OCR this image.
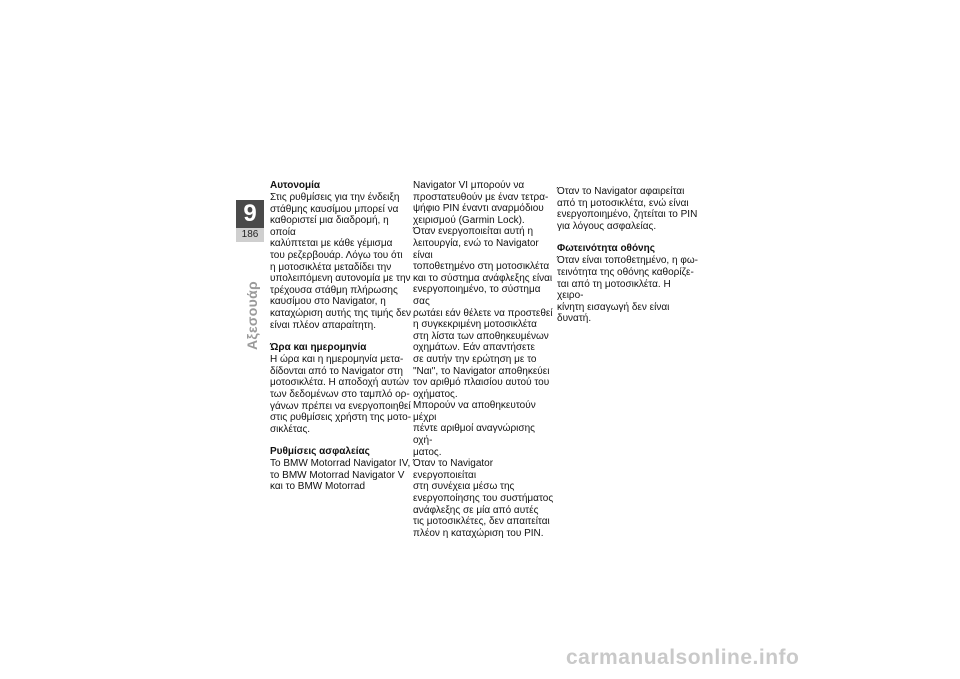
9
186
Αξεσουάρ
Αυτονομία

Στις ρυθμίσεις για την ένδειξη
στάθμης καυσίμου μπορεί να
καθοριστεί μια διαδρομή, η οποία
καλύπτεται με κάθε γέμισμα
του ρεζερβουάρ. Λόγω του ότι
η μοτοσικλέτα μεταδίδει την
υπολειπόμενη αυτονομία με την
τρέχουσα στάθμη πλήρωσης
καυσίμου στο Navigator, η
καταχώριση αυτής της τιμής δεν
είναι πλέον απαραίτητη.

Ώρα και ημερομηνία

Η ώρα και η ημερομηνία μετα-
δίδονται από το Navigator στη
μοτοσικλέτα. Η αποδοχή αυτών
των δεδομένων στο ταμπλό ορ-
γάνων πρέπει να ενεργοποιηθεί
στις ρυθμίσεις χρήστη της μοτο-
σικλέτας.

Ρυθμίσεις ασφαλείας

Το BMW Motorrad Navigator IV,
το BMW Motorrad Navigator V
και το BMW Motorrad

Navigator VI μπορούν να
προστατευθούν με έναν τετρα-
ψήφιο PIN έναντι αναρμόδιου
χειρισμού (Garmin Lock).
Όταν ενεργοποιείται αυτή η
λειτουργία, ενώ το Navigator είναι
τοποθετημένο στη μοτοσικλέτα
και το σύστημα ανάφλεξης είναι
ενεργοποιημένο, το σύστημα σας
ρωτάει εάν θέλετε να προστεθεί
η συγκεκριμένη μοτοσικλέτα
στη λίστα των αποθηκευμένων
οχημάτων. Εάν απαντήσετε
σε αυτήν την ερώτηση με το
"Ναι", το Navigator αποθηκεύει
τον αριθμό πλαισίου αυτού του
οχήματος.
Μπορούν να αποθηκευτούν μέχρι
πέντε αριθμοί αναγνώρισης οχή-
ματος.
Όταν το Navigator ενεργοποιείται
στη συνέχεια μέσω της
ενεργοποίησης του συστήματος
ανάφλεξης σε μία από αυτές
τις μοτοσικλέτες, δεν απαιτείται
πλέον η καταχώριση του PIN.

Όταν το Navigator αφαιρείται
από τη μοτοσικλέτα, ενώ είναι
ενεργοποιημένο, ζητείται το PIN
για λόγους ασφαλείας.

Φωτεινότητα οθόνης

Όταν είναι τοποθετημένο, η φω-
τεινότητα της οθόνης καθορίζε-
ται από τη μοτοσικλέτα. Η χειρο-
κίνητη εισαγωγή δεν είναι δυνατή.

carmanualsonline.info
